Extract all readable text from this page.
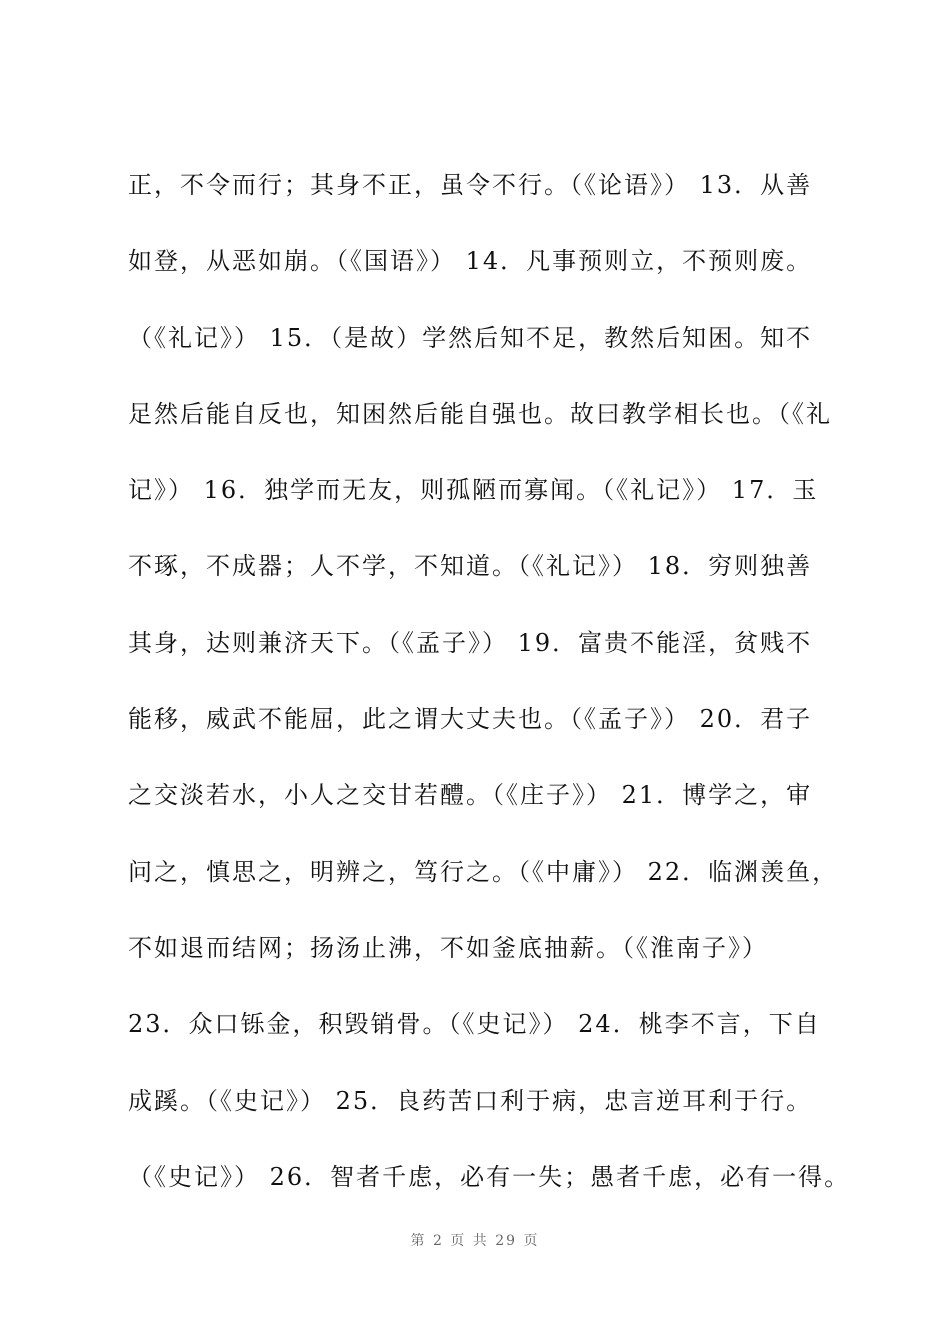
正，不令而行；其身不正，虽令不行。（《论语》） 13．从善
如登，从恶如崩。（《国语》） 14．凡事预则立，不预则废。
（《礼记》） 15．（是故）学然后知不足，教然后知困。知不
足然后能自反也，知困然后能自强也。故曰教学相长也。（《礼
记》） 16．独学而无友，则孤陋而寡闻。（《礼记》） 17．玉
不琢，不成器；人不学，不知道。（《礼记》） 18．穷则独善
其身，达则兼济天下。（《孟子》） 19．富贵不能淫，贫贱不
能移，威武不能屈，此之谓大丈夫也。（《孟子》） 20．君子
之交淡若水，小人之交甘若醴。（《庄子》） 21．博学之，审
问之，慎思之，明辨之，笃行之。（《中庸》） 22．临渊羡鱼，
不如退而结网；扬汤止沸，不如釜底抽薪。（《淮南子》）
23．众口铄金，积毁销骨。（《史记》） 24．桃李不言，下自
成蹊。（《史记》） 25．良药苦口利于病，忠言逆耳利于行。
（《史记》） 26．智者千虑，必有一失；愚者千虑，必有一得。
第 2 页 共 29 页
